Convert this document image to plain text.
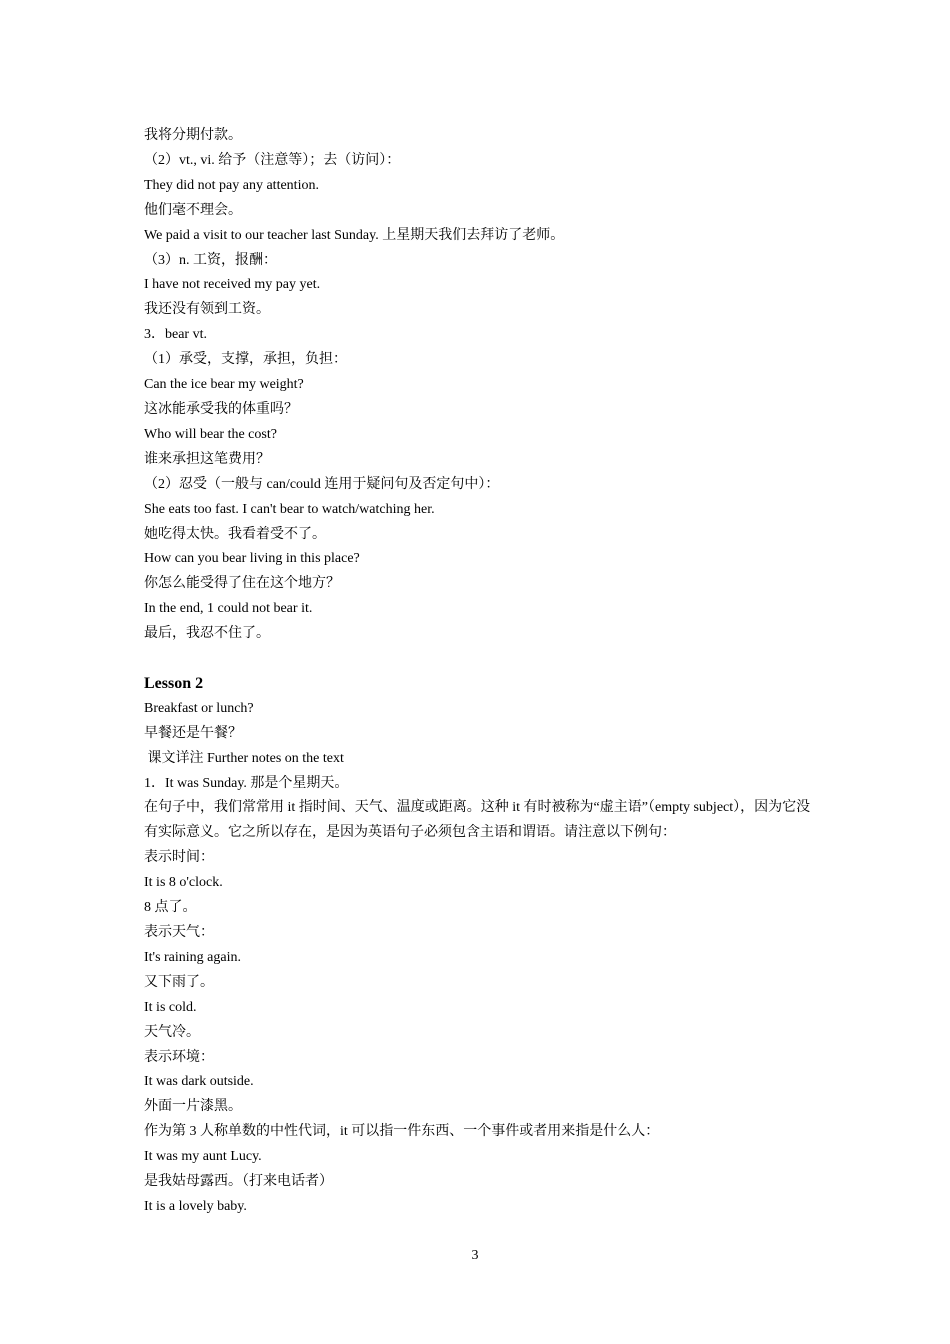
我将分期付款。
（2）vt., vi. 给予（注意等）；去（访问）：
They did not pay any attention.
他们毫不理会。
We paid a visit to our teacher last Sunday. 上星期天我们去拜访了老师。
（3）n. 工资，报酬：
I have not received my pay yet.
我还没有领到工资。
3．bear vt.
（1）承受，支撑，承担，负担：
Can the ice bear my weight?
这冰能承受我的体重吗？
Who will bear the cost?
谁来承担这笔费用？
（2）忍受（一般与 can/could 连用于疑问句及否定句中）：
She eats too fast. I can't bear to watch/watching her.
她吃得太快。我看着受不了。
How can you bear living in this place?
你怎么能受得了住在这个地方？
In the end, 1 could not bear it.
最后，我忍不住了。
Lesson 2
Breakfast or lunch?
早餐还是午餐？
课文详注 Further notes on the text
1．It was Sunday. 那是个星期天。
在句子中，我们常常用 it 指时间、天气、温度或距离。这种 it 有时被称为“虚主语”（empty subject），因为它没有实际意义。它之所以存在，是因为英语句子必须包含主语和谓语。请注意以下例句：
表示时间：
It is 8 o'clock.
8 点了。
表示天气：
It's raining again.
又下雨了。
It is cold.
天气冷。
表示环境：
It was dark outside.
外面一片漆黑。
作为第 3 人称单数的中性代词，it 可以指一件东西、一个事件或者用来指是什么人：
It was my aunt Lucy.
是我姑母露西。（打来电话者）
It is a lovely baby.
3
